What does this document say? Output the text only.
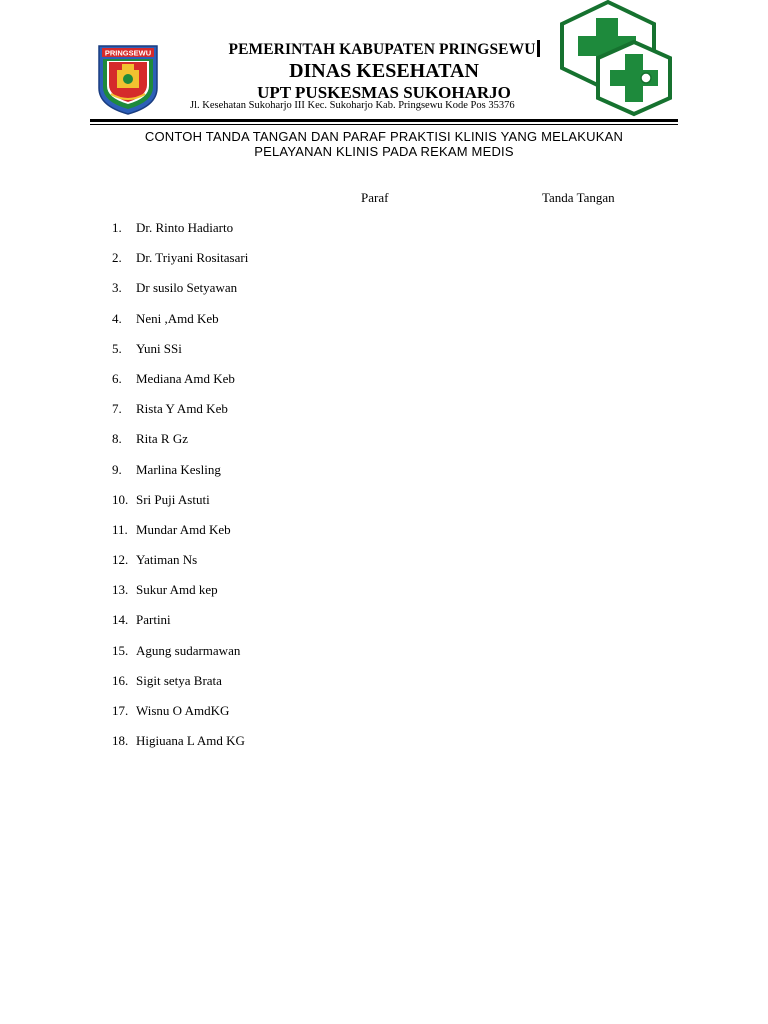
PRINGSEWU	PEMERINTAH KABUPATEN PRINGSEWU
DINAS KESEHATAN
UPT PUSKESMAS SUKOHARJO
Jl. Kesehatan Sukoharjo III Kec. Sukoharjo Kab. Pringsewu Kode Pos 35376
CONTOH TANDA TANGAN DAN PARAF PRAKTISI KLINIS YANG MELAKUKAN
PELAYANAN KLINIS PADA REKAM MEDIS
Paraf	Tanda Tangan
1. Dr. Rinto Hadiarto
2. Dr. Triyani Rositasari
3. Dr susilo Setyawan
4. Neni ,Amd Keb
5. Yuni SSi
6. Mediana Amd Keb
7. Rista Y Amd Keb
8. Rita R Gz
9. Marlina Kesling
10. Sri Puji Astuti
11. Mundar Amd Keb
12. Yatiman Ns
13. Sukur Amd kep
14. Partini
15. Agung sudarmawan
16. Sigit setya Brata
17. Wisnu O AmdKG
18. Higiuana L Amd KG
